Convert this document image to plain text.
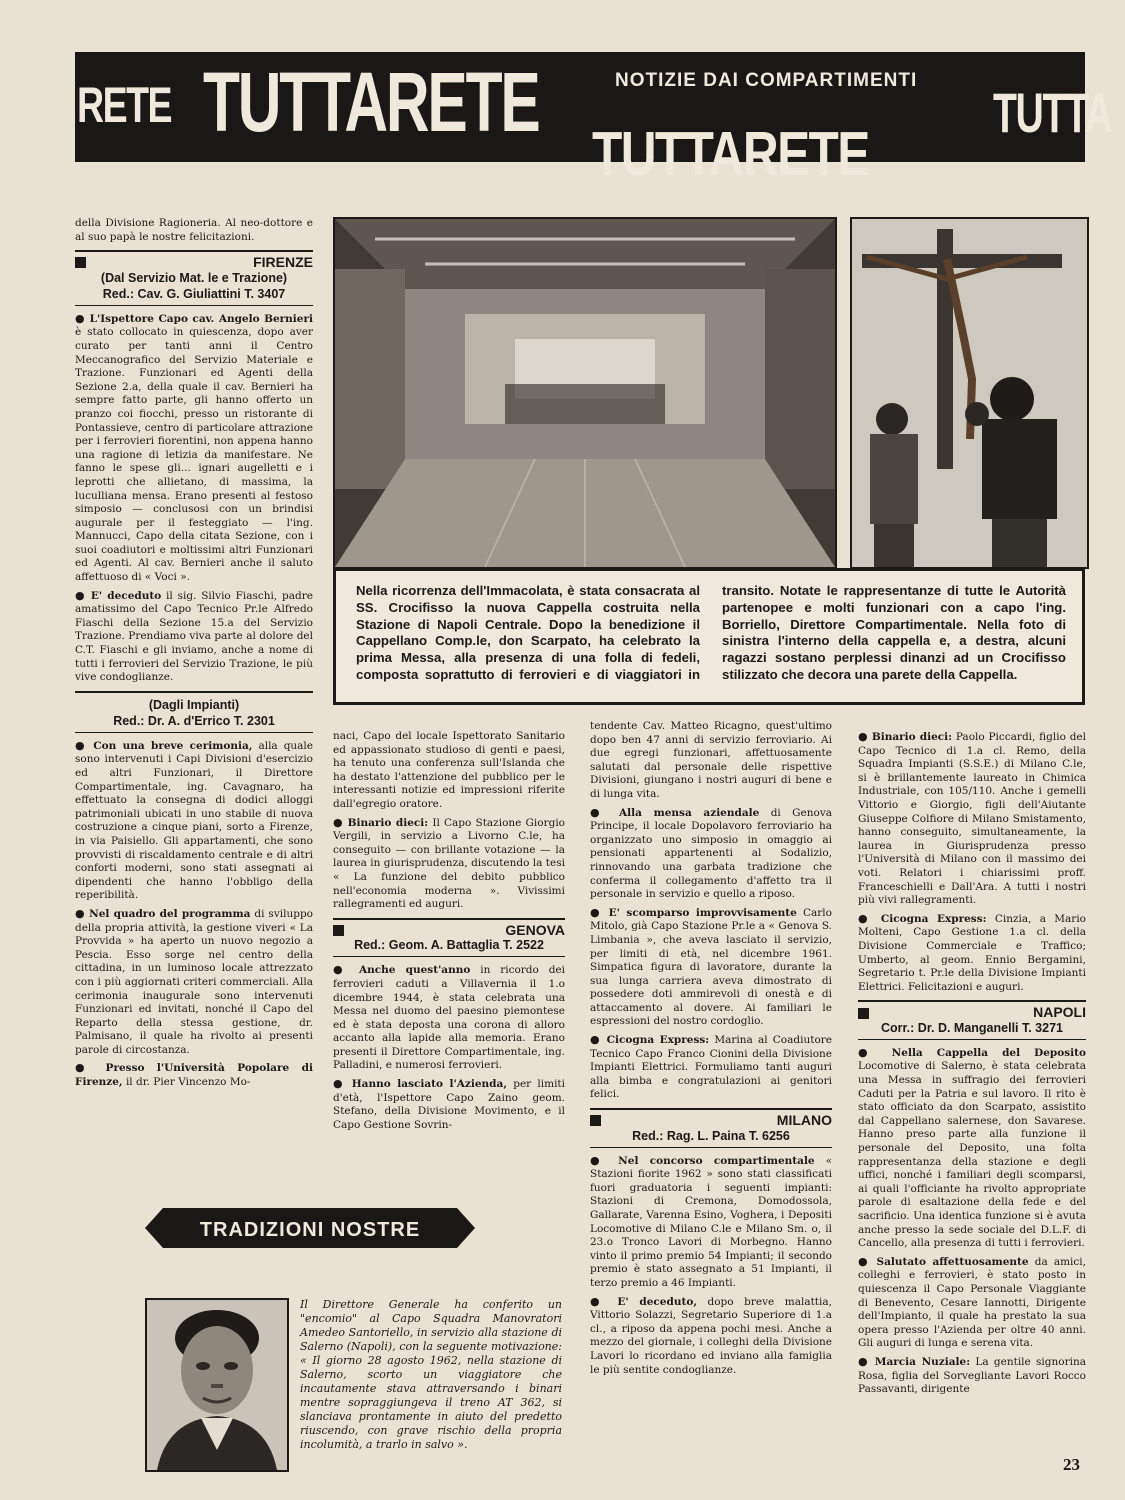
RETE TUTTARETE	NOTIZIE DAI COMPARTIMENTI
TUTTARETE
TUTTA

della Divisione Ragioneria. Al neo-dottore e al suo papà le nostre felicitazioni.

FIRENZE
(Dal Servizio Mat. le e Trazione)
Red.: Cav. G. Giuliattini T. 3407

● L'Ispettore Capo cav. Angelo Bernieri è stato collocato in quiescenza, dopo aver curato per tanti anni il Centro Meccanografico del Servizio Materiale e Trazione. Funzionari ed Agenti della Sezione 2.a, della quale il cav. Bernieri ha sempre fatto parte, gli hanno offerto un pranzo coi fiocchi, presso un ristorante di Pontassieve, centro di particolare attrazione per i ferrovieri fiorentini, non appena hanno una ragione di letizia da manifestare. Ne fanno le spese gli... ignari augelletti e i leprotti che allietano, di massima, la luculliana mensa. Erano presenti al festoso simposio — conclusosi con un brindisi augurale per il festeggiato — l'ing. Mannucci, Capo della citata Sezione, con i suoi coadiutori e moltissimi altri Funzionari ed Agenti. Al cav. Bernieri anche il saluto affettuoso di « Voci ».

● E' deceduto il sig. Silvio Fiaschi, padre amatissimo del Capo Tecnico Pr.le Alfredo Fiaschi della Sezione 15.a del Servizio Trazione. Prendiamo viva parte al dolore del C.T. Fiaschi e gli inviamo, anche a nome di tutti i ferrovieri del Servizio Trazione, le più vive condoglianze.

(Dagli Impianti)
Red.: Dr. A. d'Errico T. 2301

● Con una breve cerimonia, alla quale sono intervenuti i Capi Divisioni d'esercizio ed altri Funzionari, il Direttore Compartimentale, ing. Cavagnaro, ha effettuato la consegna di dodici alloggi patrimoniali ubicati in uno stabile di nuova costruzione a cinque piani, sorto a Firenze, in via Paisiello. Gli appartamenti, che sono provvisti di riscaldamento centrale e di altri conforti moderni, sono stati assegnati ai dipendenti che hanno l'obbligo della reperibilità.

● Nel quadro del programma di sviluppo della propria attività, la gestione viveri « La Provvida » ha aperto un nuovo negozio a Pescia. Esso sorge nel centro della cittadina, in un luminoso locale attrezzato con i più aggiornati criteri commerciali. Alla cerimonia inaugurale sono intervenuti Funzionari ed invitati, nonché il Capo del Reparto della stessa gestione, dr. Palmisano, il quale ha rivolto ai presenti parole di circostanza.

● Presso l'Università Popolare di Firenze, il dr. Pier Vincenzo Mo-

Nella ricorrenza dell'Immacolata, è stata consacrata al SS. Crocifisso la nuova Cappella costruita nella Stazione di Napoli Centrale. Dopo la benedizione il Cappellano Comp.le, don Scarpato, ha celebrato la prima Messa, alla presenza di una folla di fedeli, composta soprattutto di ferrovieri e di viaggiatori in transito. Notate le rappresentanze di tutte le Autorità partenopee e molti funzionari con a capo l'ing. Borriello, Direttore Compartimentale. Nella foto di sinistra l'interno della cappella e, a destra, alcuni ragazzi sostano perplessi dinanzi ad un Crocifisso stilizzato che decora una parete della Cappella.

naci, Capo del locale Ispettorato Sanitario ed appassionato studioso di genti e paesi, ha tenuto una conferenza sull'Islanda che ha destato l'attenzione del pubblico per le interessanti notizie ed impressioni riferite dall'egregio oratore.

● Binario dieci: Il Capo Stazione Giorgio Vergili, in servizio a Livorno C.le, ha conseguito — con brillante votazione — la laurea in giurisprudenza, discutendo la tesi « La funzione del debito pubblico nell'economia moderna ». Vivissimi rallegramenti ed auguri.

GENOVA
Red.: Geom. A. Battaglia T. 2522

● Anche quest'anno in ricordo dei ferrovieri caduti a Villavernia il 1.o dicembre 1944, è stata celebrata una Messa nel duomo del paesino piemontese ed è stata deposta una corona di alloro accanto alla lapide alla memoria. Erano presenti il Direttore Compartimentale, ing. Palladini, e numerosi ferrovieri.

● Hanno lasciato l'Azienda, per limiti d'età, l'Ispettore Capo Zaino geom. Stefano, della Divisione Movimento, e il Capo Gestione Sovrin-

tendente Cav. Matteo Ricagno, quest'ultimo dopo ben 47 anni di servizio ferroviario. Ai due egregi funzionari, affettuosamente salutati dal personale delle rispettive Divisioni, giungano i nostri auguri di bene e di lunga vita.

● Alla mensa aziendale di Genova Principe, il locale Dopolavoro ferroviario ha organizzato uno simposio in omaggio ai pensionati appartenenti al Sodalizio, rinnovando una garbata tradizione che conferma il collegamento d'affetto tra il personale in servizio e quello a riposo.

● E' scomparso improvvisamente Carlo Mitolo, già Capo Stazione Pr.le a « Genova S. Limbania », che aveva lasciato il servizio, per limiti di età, nel dicembre 1961. Simpatica figura di lavoratore, durante la sua lunga carriera aveva dimostrato di possedere doti ammirevoli di onestà e di attaccamento al dovere. Ai familiari le espressioni del nostro cordoglio.

● Cicogna Express: Marina al Coadiutore Tecnico Capo Franco Cionini della Divisione Impianti Elettrici. Formuliamo tanti auguri alla bimba e congratulazioni ai genitori felici.

MILANO
Red.: Rag. L. Paina T. 6256

● Nel concorso compartimentale « Stazioni fiorite 1962 » sono stati classificati fuori graduatoria i seguenti impianti: Stazioni di Cremona, Domodossola, Gallarate, Varenna Esino, Voghera, i Depositi Locomotive di Milano C.le e Milano Sm. o, il 23.o Tronco Lavori di Morbegno. Hanno vinto il primo premio 54 Impianti; il secondo premio è stato assegnato a 51 Impianti, il terzo premio a 46 Impianti.

● E' deceduto, dopo breve malattia, Vittorio Solazzi, Segretario Superiore di 1.a cl., a riposo da appena pochi mesi. Anche a mezzo del giornale, i colleghi della Divisione Lavori lo ricordano ed inviano alla famiglia le più sentite condoglianze.

● Binario dieci: Paolo Piccardi, figlio del Capo Tecnico di 1.a cl. Remo, della Squadra Impianti (S.S.E.) di Milano C.le, si è brillantemente laureato in Chimica Industriale, con 105/110. Anche i gemelli Vittorio e Giorgio, figli dell'Aiutante Giuseppe Colfiore di Milano Smistamento, hanno conseguito, simultaneamente, la laurea in Giurisprudenza presso l'Università di Milano con il massimo dei voti. Relatori i chiarissimi proff. Franceschielli e Dall'Ara. A tutti i nostri più vivi rallegramenti.

● Cicogna Express: Cinzia, a Mario Molteni, Capo Gestione 1.a cl. della Divisione Commerciale e Traffico; Umberto, al geom. Ennio Bergamini, Segretario t. Pr.le della Divisione Impianti Elettrici. Felicitazioni e auguri.

NAPOLI
Corr.: Dr. D. Manganelli T. 3271

● Nella Cappella del Deposito Locomotive di Salerno, è stata celebrata una Messa in suffragio dei ferrovieri Caduti per la Patria e sul lavoro. Il rito è stato officiato da don Scarpato, assistito dal Cappellano salernese, don Savarese. Hanno preso parte alla funzione il personale del Deposito, una folta rappresentanza della stazione e degli uffici, nonché i familiari degli scomparsi, ai quali l'officiante ha rivolto appropriate parole di esaltazione della fede e del sacrificio. Una identica funzione si è avuta anche presso la sede sociale del D.L.F. di Cancello, alla presenza di tutti i ferrovieri.

● Salutato affettuosamente da amici, colleghi e ferrovieri, è stato posto in quiescenza il Capo Personale Viaggiante di Benevento, Cesare Iannotti, Dirigente dell'Impianto, il quale ha prestato la sua opera presso l'Azienda per oltre 40 anni. Gli auguri di lunga e serena vita.

● Marcia Nuziale: La gentile signorina Rosa, figlia del Sorvegliante Lavori Rocco Passavanti, dirigente

TRADIZIONI NOSTRE
Il Direttore Generale ha conferito un "encomio" al Capo Squadra Manovratori Amedeo Santoriello, in servizio alla stazione di Salerno (Napoli), con la seguente motivazione: « Il giorno 28 agosto 1962, nella stazione di Salerno, scorto un viaggiatore che incautamente stava attraversando i binari mentre sopraggiungeva il treno AT 362, si slanciava prontamente in aiuto del predetto riuscendo, con grave rischio della propria incolumità, a trarlo in salvo ».
23
